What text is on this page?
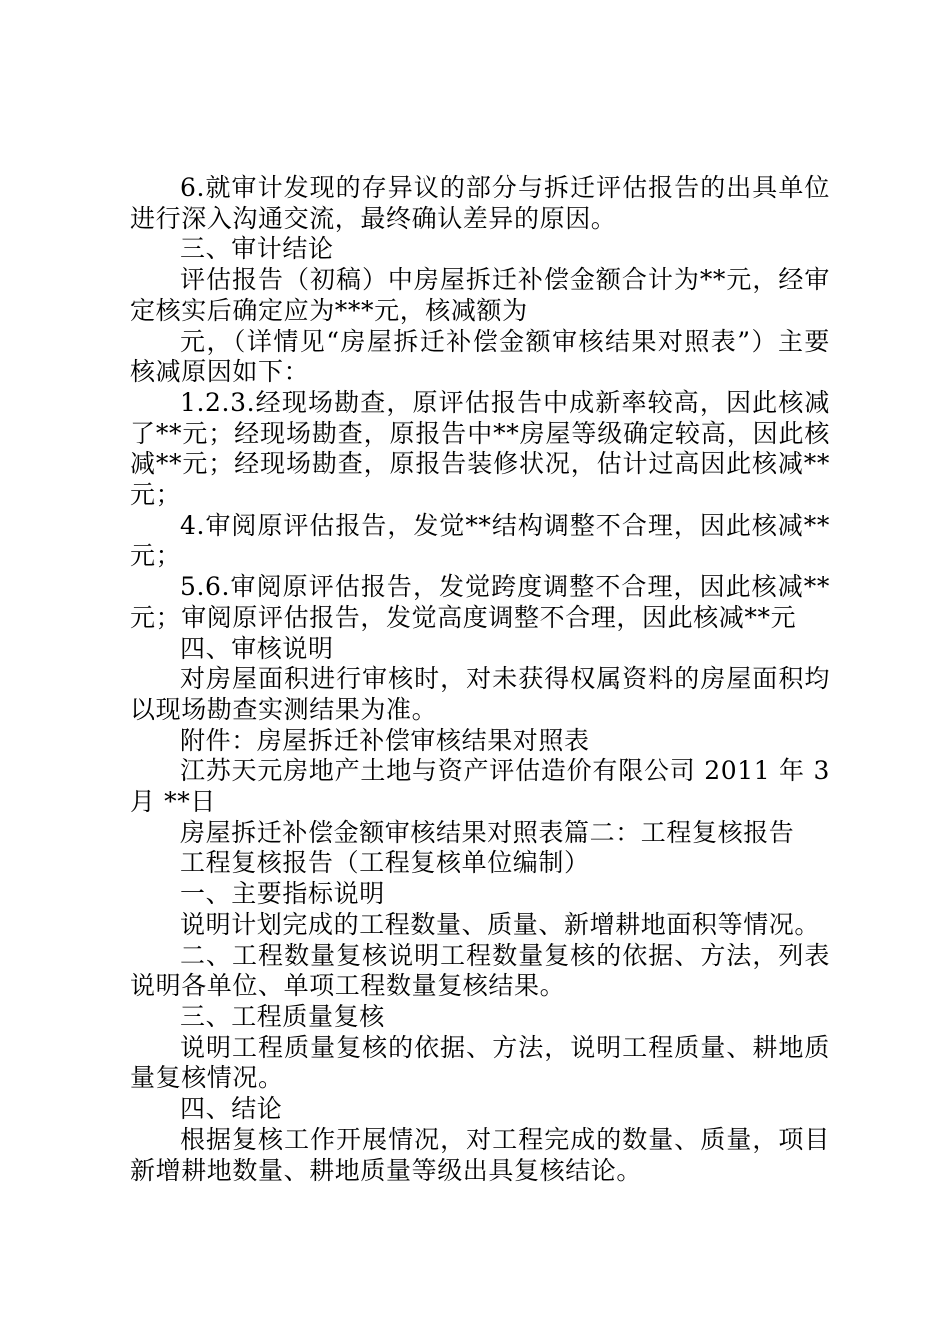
6.就审计发现的存异议的部分与拆迁评估报告的出具单位进行深入沟通交流，最终确认差异的原因。

三、审计结论

评估报告（初稿）中房屋拆迁补偿金额合计为**元，经审定核实后确定应为***元，核减额为

元，（详情见“房屋拆迁补偿金额审核结果对照表”）主要核减原因如下：

1.2.3.经现场勘查，原评估报告中成新率较高，因此核减了**元；经现场勘查，原报告中**房屋等级确定较高，因此核减**元；经现场勘查，原报告装修状况，估计过高因此核减**元；

4.审阅原评估报告，发觉**结构调整不合理，因此核减**元；

5.6.审阅原评估报告，发觉跨度调整不合理，因此核减**元；审阅原评估报告，发觉高度调整不合理，因此核减**元

四、审核说明

对房屋面积进行审核时，对未获得权属资料的房屋面积均以现场勘查实测结果为准。

附件：房屋拆迁补偿审核结果对照表

江苏天元房地产土地与资产评估造价有限公司 2011 年 3 月 **日

房屋拆迁补偿金额审核结果对照表篇二：工程复核报告

工程复核报告（工程复核单位编制）

一、主要指标说明

说明计划完成的工程数量、质量、新增耕地面积等情况。

二、工程数量复核说明工程数量复核的依据、方法，列表说明各单位、单项工程数量复核结果。

三、工程质量复核

说明工程质量复核的依据、方法，说明工程质量、耕地质量复核情况。

四、结论

根据复核工作开展情况，对工程完成的数量、质量，项目新增耕地数量、耕地质量等级出具复核结论。
